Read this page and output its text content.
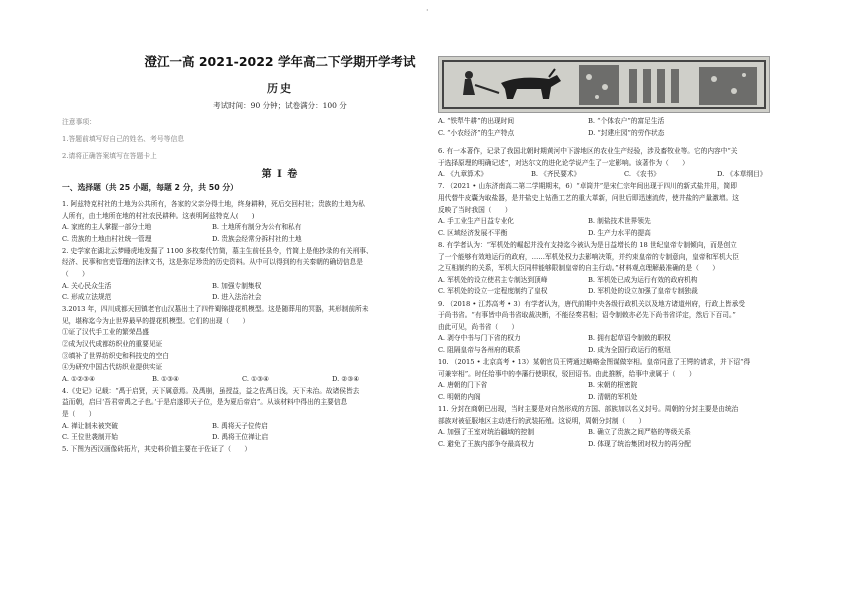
·
澄江一高 2021-2022 学年高二下学期开学考试
历史
考试时间：90 分钟；试卷满分：100 分
注意事项：
1.答题前填写好自己的姓名、考号等信息
2.请将正确答案填写在答题卡上
第 I 卷
一、选择题（共 25 小题，每题 2 分，共 50 分）
1. 阿兹特克村社的土地为公共所有，各家的父亲分得土地，终身耕种，死后交回村社；贵族的土地为私
人所有，由土地所在地的村社农民耕种。这表明阿兹特克人(　　)
A. 家庭的主人掌握一部分土地	B. 土地所有制分为公有和私有
C. 贵族的土地由村社统一管理	D. 贵族会经常分拆村社的土地
2. 史学家在湖北云梦睡虎地发掘了 1100 多枚秦代竹简，墓主生前任县令，竹简上是他抄录的有关刑事、
经济、民事和官吏管理的法律文书，这是弥足珍贵的历史资料。从中可以得到的有关秦朝的确切信息是
（　　）
A. 关心民众生活	B. 加强专制集权
C. 形成立法规范	D. 进入法治社会
3.2013 年，四川成都天回镇老官山汉墓出土了四件蜀锦提花机模型。这是随葬用的冥器，其形制前所未
见，堪称迄今为止世界最早的提花机模型。它们的出现（　　）
①证了汉代手工业的繁荣昌盛
②成为汉代成都纺织业的重要见证
③填补了世界纺织史和科技史的空白
④为研究中国古代纺织业提供实证
A. ①②③④	B. ①③④	C. ①③④	D. ②③④
4.《史记》记载：“禹于启贤，天下属意焉。及禹崩，虽授益，益之佐禹日浅，天下未治。故诸侯皆去
益而朝，启曰‘吾君帝禹之子也。’于是启遂即天子位，是为夏后帝启”。从该材料中得出的主要信息
是（　　）
A. 禅让制未被突破	B. 禹将天子位传启
C. 王位世袭制开始	D. 禹将王位禅让启
5. 下图为西汉画像砖拓片，其史料价值主要在于佐证了（　　）
A. “铁犁牛耕”的出现时间	B. “个体农户”的富足生活
C. “小农经济”的生产特点	D. “封建庄园”的劳作状态
6. 有一本著作，记录了我国北朝时期黄河中下游地区的农业生产经验，涉及畜牧业等。它的内容中“关
于选择原理的明确记述”，对达尔文的进化论学说产生了一定影响。该著作为（　　）
A. 《九章算术》	B. 《齐民要术》	C. 《农书》	D. 《本草纲目》
7. （2021 • 山东济南高二第二学期期末，6）“卓筒井”是宋仁宗年间出现于四川的新式盐井用，简即
用代替牛皮囊为取盐器，是井盐史上钻凿工艺的重大革新，问世后即迅速流传，使井盐的产量激增。这
反映了当时我国（　　）
A. 手工业生产日益专业化	B. 制盐技术世界领先
C. 区域经济发展不平衡	D. 生产力水平的提高
8. 有学者认为：“军机处的崛起并没有支持迄今被认为是日益增长的 18 世纪皇帝专制倾向，而是创立
了一个能够有效地运行的政府，……军机处权力去影响决策，并约束皇帝的专制意向，皇帝和军机大臣
之互相制约的关系，军机大臣同样能够限制皇帝的自主行动。”材料观点理解最准确的是（　　）
A. 军机处的设立使君主专制达到顶峰	B. 军机处已成为运行有效的政府机构
C. 军机处的设立一定程度制约了皇权	D. 军机处的设立加强了皇帝专制独裁
9. （2018 • 江苏高考 • 3）有学者认为，唐代前期中央各级行政机关以及地方诸道州府，行政上皆承受
于尚书省。“有事皆申尚书省取裁决断，不能径奏君相；诏令制敕亦必先下尚书省详定，然后下百司。”
由此可见，尚书省（　　）
A. 剥夺中书与门下省的权力	B. 拥有起草诏令制敕的职权
C. 阻隔皇帝与各州府的联系	D. 成为全国行政运行的枢纽
10. （2015 • 北京高考 • 13）某朝官员王锷通过略略金图谋做宰相。皇帝同意了王锷的请求，并下诏“得
可兼宰相”。时任给事中的李藩行使职权，驳回诏书。由此推断，给事中隶属于（　　）
A. 唐朝的门下省	B. 宋朝的枢密院
C. 明朝的内阁	D. 清朝的军机处
11. 分封在商朝已出现，当时主要是对自然形成的方国、部族加以名义封号。周朝的分封主要是由统治
部族对被征服地区主动进行的武装拓殖。这说明，周朝分封制（　　）
A. 加强了王室对统治疆域的控制	B. 确立了贵族之间严格的等级关系
C. 避免了王族内部争夺最高权力	D. 体现了统治集团对权力的再分配
